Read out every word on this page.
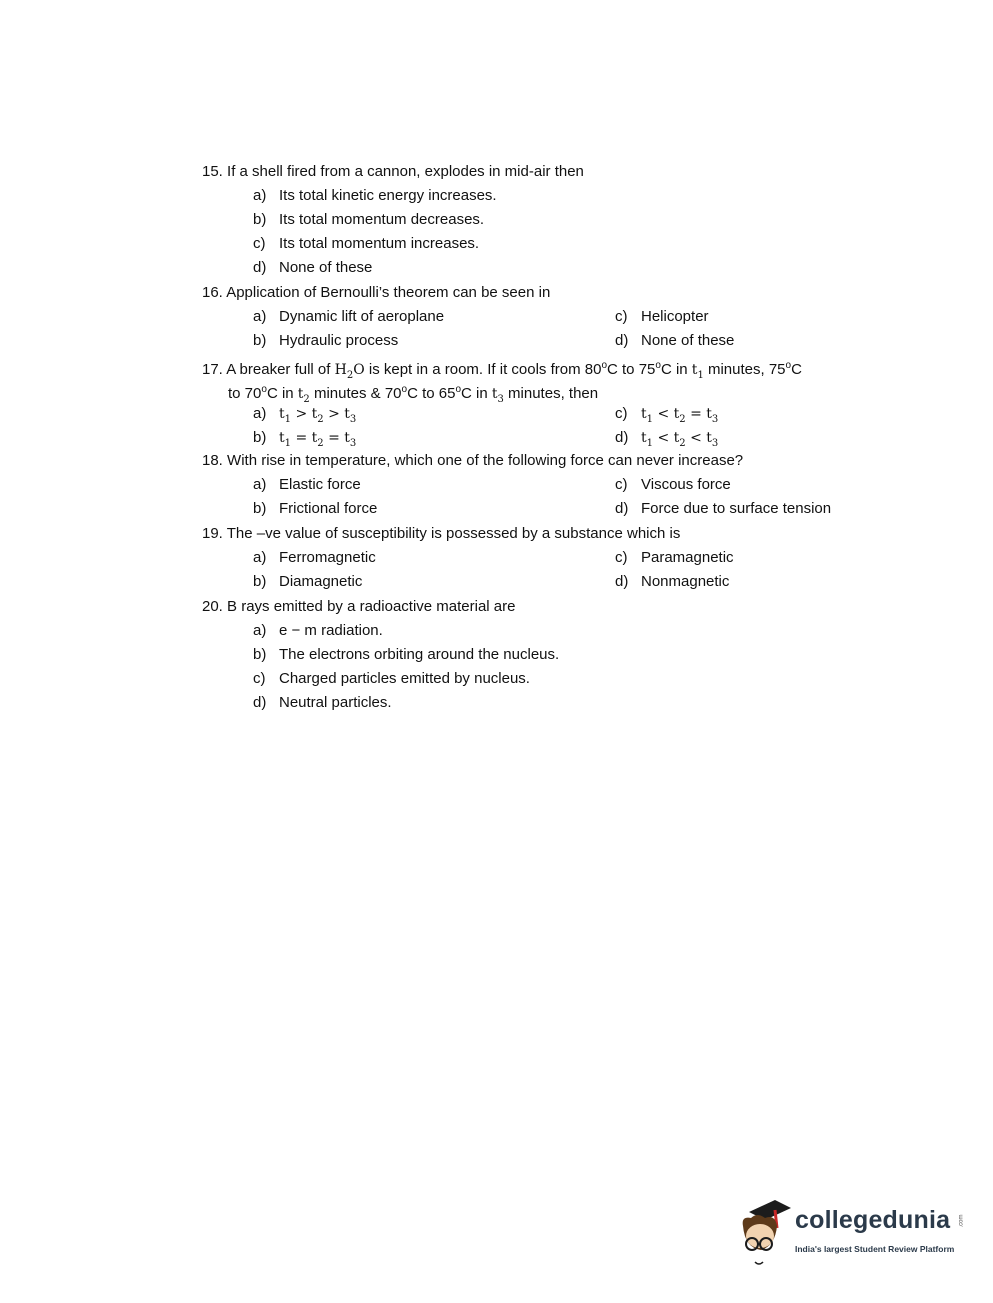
15. If a shell fired from a cannon, explodes in mid-air then
a) Its total kinetic energy increases.
b) Its total momentum decreases.
c) Its total momentum increases.
d) None of these
16. Application of Bernoulli’s theorem can be seen in
a) Dynamic lift of aeroplane	c) Helicopter
b) Hydraulic process	d) None of these
17. A breaker full of $H_2O$ is kept in a room. If it cools from 80$^o$C to 75$^o$C in $t_1$ minutes, 75$^o$C
to 70$^o$C in $t_2$ minutes & 70$^o$C to 65$^o$C in $t_3$ minutes, then
a) $t_1 > t_2 > t_3$	c) $t_1 < t_2 = t_3$
b) $t_1 = t_2 = t_3$	d) $t_1 < t_2 < t_3$
18. With rise in temperature, which one of the following force can never increase?
a) Elastic force	c) Viscous force
b) Frictional force	d) Force due to surface tension
19. The –ve value of susceptibility is possessed by a substance which is
a) Ferromagnetic	c) Paramagnetic
b) Diamagnetic	d) Nonmagnetic
20. B rays emitted by a radioactive material are
a) e − m radiation.
b) The electrons orbiting around the nucleus.
c) Charged particles emitted by nucleus.
d) Neutral particles.
collegedunia .com
India's largest Student Review Platform
